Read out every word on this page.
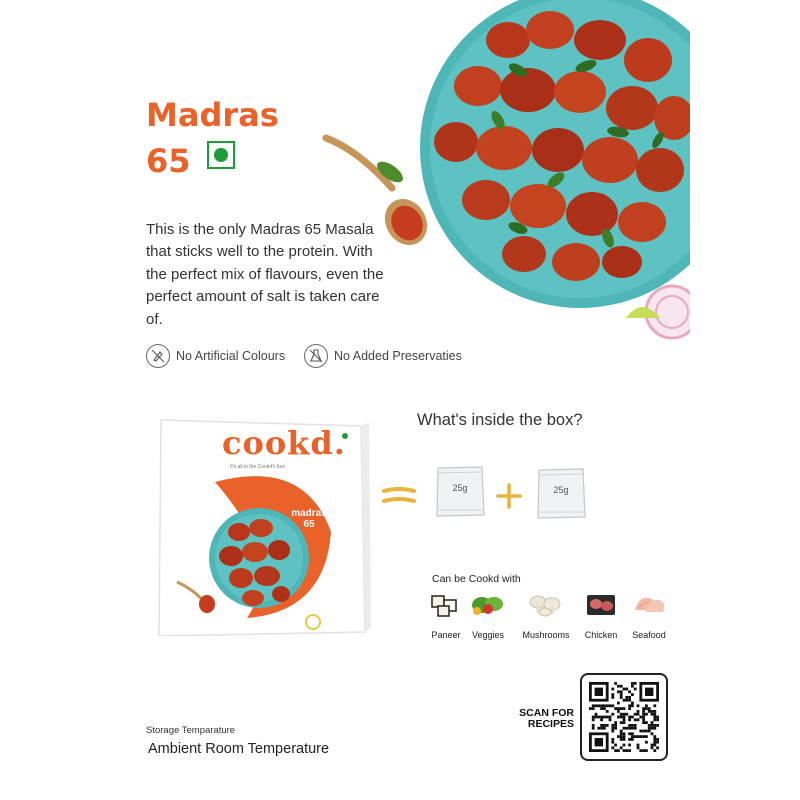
Madras
65

This is the only Madras 65 Masala that sticks well to the protein. With the perfect mix of flavours, even the perfect amount of salt is taken care of.

No Artificial Colours	No Added Preservaties
cookd.
It's all in the Cookd's box
madras
65
What's inside the box?
25g	25g
Can be Cookd with
Paneer Veggies Mushrooms Chicken Seafood
SCAN FOR
RECIPES
Storage Temparature
Ambient Room Temperature
